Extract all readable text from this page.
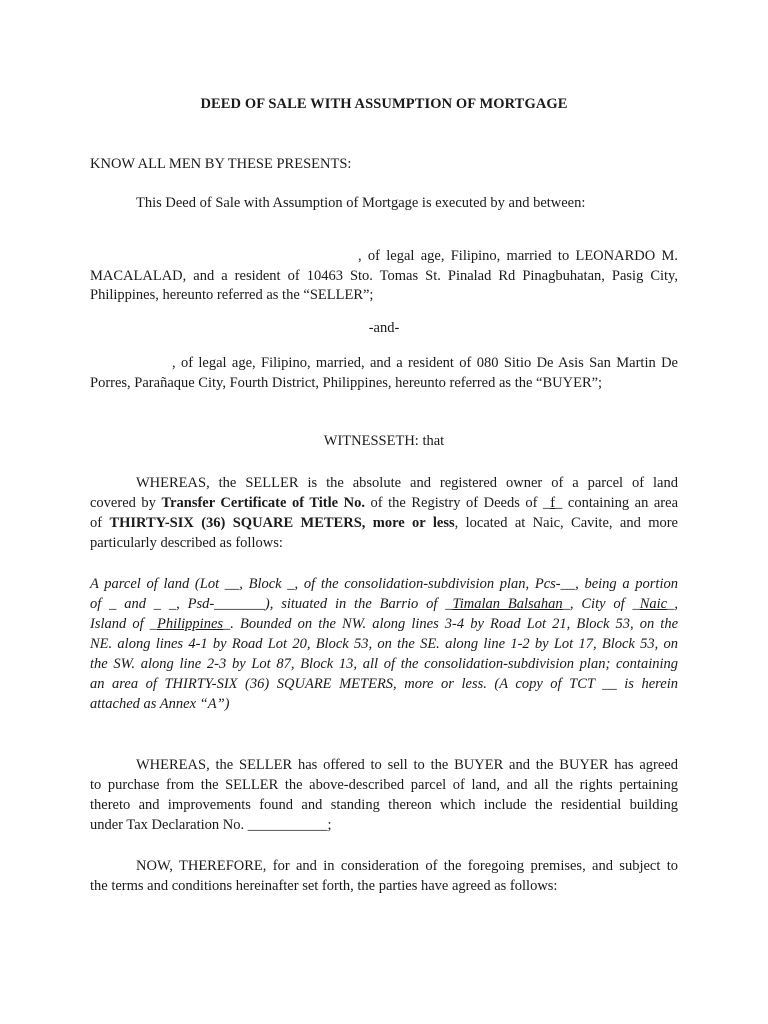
DEED OF SALE WITH ASSUMPTION OF MORTGAGE
KNOW ALL MEN BY THESE PRESENTS:
This Deed of Sale with Assumption of Mortgage is executed by and between:
, of legal age, Filipino, married to LEONARDO M.
MACALALAD, and a resident of 10463 Sto. Tomas St. Pinalad Rd Pinagbuhatan, Pasig City,
Philippines, hereunto referred as the “SELLER”;
-and-
, of legal age, Filipino, married, and a resident of 080 Sitio De Asis San Martin De
Porres, Parañaque City, Fourth District, Philippines, hereunto referred as the “BUYER”;
WITNESSETH: that
WHEREAS, the SELLER is the absolute and registered owner of a parcel of land
covered by Transfer Certificate of Title No. of the Registry of Deeds of _f_ containing an area
of THIRTY-SIX (36) SQUARE METERS, more or less, located at Naic, Cavite, and more
particularly described as follows:
A parcel of land (Lot __, Block _, of the consolidation-subdivision plan, Pcs-__, being a portion
of _ and _ _, Psd-_______), situated in the Barrio of _Timalan Balsahan_, City of _Naic_,
Island of _Philippines_. Bounded on the NW. along lines 3-4 by Road Lot 21, Block 53, on the
NE. along lines 4-1 by Road Lot 20, Block 53, on the SE. along line 1-2 by Lot 17, Block 53, on
the SW. along line 2-3 by Lot 87, Block 13, all of the consolidation-subdivision plan; containing
an area of THIRTY-SIX (36) SQUARE METERS, more or less. (A copy of TCT __ is herein
attached as Annex “A”)
WHEREAS, the SELLER has offered to sell to the BUYER and the BUYER has agreed
to purchase from the SELLER the above-described parcel of land, and all the rights pertaining
thereto and improvements found and standing thereon which include the residential building
under Tax Declaration No. ___________;
NOW, THEREFORE, for and in consideration of the foregoing premises, and subject to
the terms and conditions hereinafter set forth, the parties have agreed as follows:
